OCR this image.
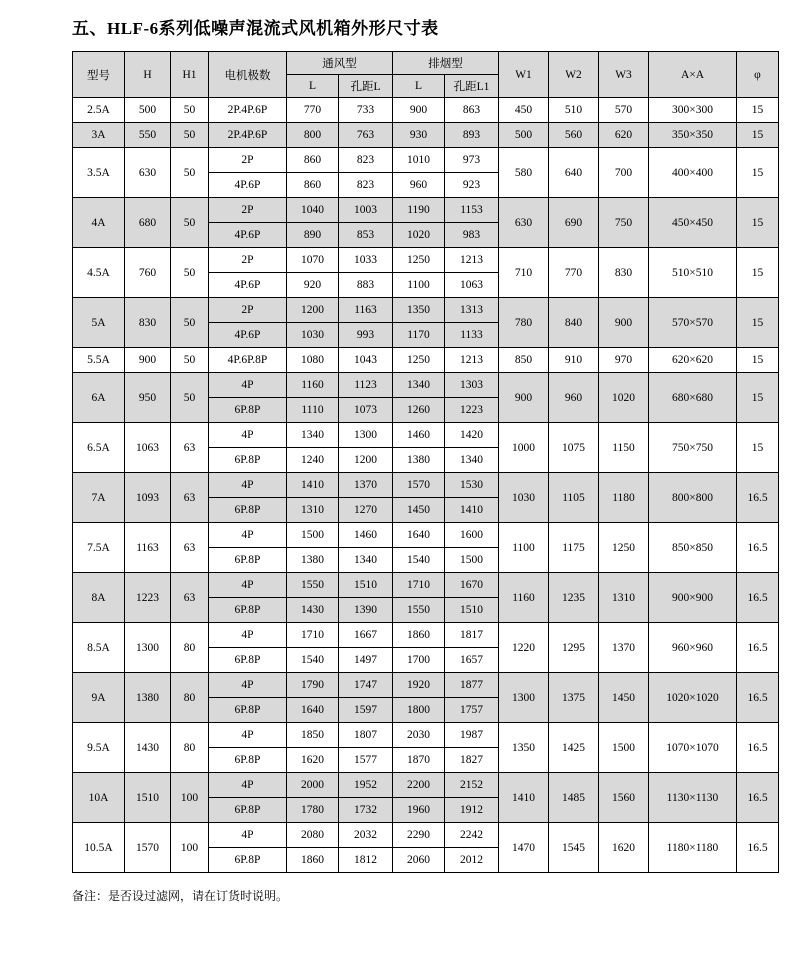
五、HLF-6系列低噪声混流式风机箱外形尺寸表
型号	H	H1	电机极数	通风型		排烟型		W1	W2	W3	A×A	φ
				L	孔距L	L	孔距L1					
2.5A	500	50	2P.4P.6P	770	733	900	863	450	510	570	300×300	15
3A	550	50	2P.4P.6P	800	763	930	893	500	560	620	350×350	15
3.5A	630	50	2P	860	823	1010	973	580	640	700	400×400	15
			4P.6P	860	823	960	923					
4A	680	50	2P	1040	1003	1190	1153	630	690	750	450×450	15
			4P.6P	890	853	1020	983					
4.5A	760	50	2P	1070	1033	1250	1213	710	770	830	510×510	15
			4P.6P	920	883	1100	1063					
5A	830	50	2P	1200	1163	1350	1313	780	840	900	570×570	15
			4P.6P	1030	993	1170	1133					
5.5A	900	50	4P.6P.8P	1080	1043	1250	1213	850	910	970	620×620	15
6A	950	50	4P	1160	1123	1340	1303	900	960	1020	680×680	15
			6P.8P	1110	1073	1260	1223					
6.5A	1063	63	4P	1340	1300	1460	1420	1000	1075	1150	750×750	15
			6P.8P	1240	1200	1380	1340					
7A	1093	63	4P	1410	1370	1570	1530	1030	1105	1180	800×800	16.5
			6P.8P	1310	1270	1450	1410					
7.5A	1163	63	4P	1500	1460	1640	1600	1100	1175	1250	850×850	16.5
			6P.8P	1380	1340	1540	1500					
8A	1223	63	4P	1550	1510	1710	1670	1160	1235	1310	900×900	16.5
			6P.8P	1430	1390	1550	1510					
8.5A	1300	80	4P	1710	1667	1860	1817	1220	1295	1370	960×960	16.5
			6P.8P	1540	1497	1700	1657					
9A	1380	80	4P	1790	1747	1920	1877	1300	1375	1450	1020×1020	16.5
			6P.8P	1640	1597	1800	1757					
9.5A	1430	80	4P	1850	1807	2030	1987	1350	1425	1500	1070×1070	16.5
			6P.8P	1620	1577	1870	1827					
10A	1510	100	4P	2000	1952	2200	2152	1410	1485	1560	1130×1130	16.5
			6P.8P	1780	1732	1960	1912					
10.5A	1570	100	4P	2080	2032	2290	2242	1470	1545	1620	1180×1180	16.5
			6P.8P	1860	1812	2060	2012					
备注：是否设过滤网，请在订货时说明。
